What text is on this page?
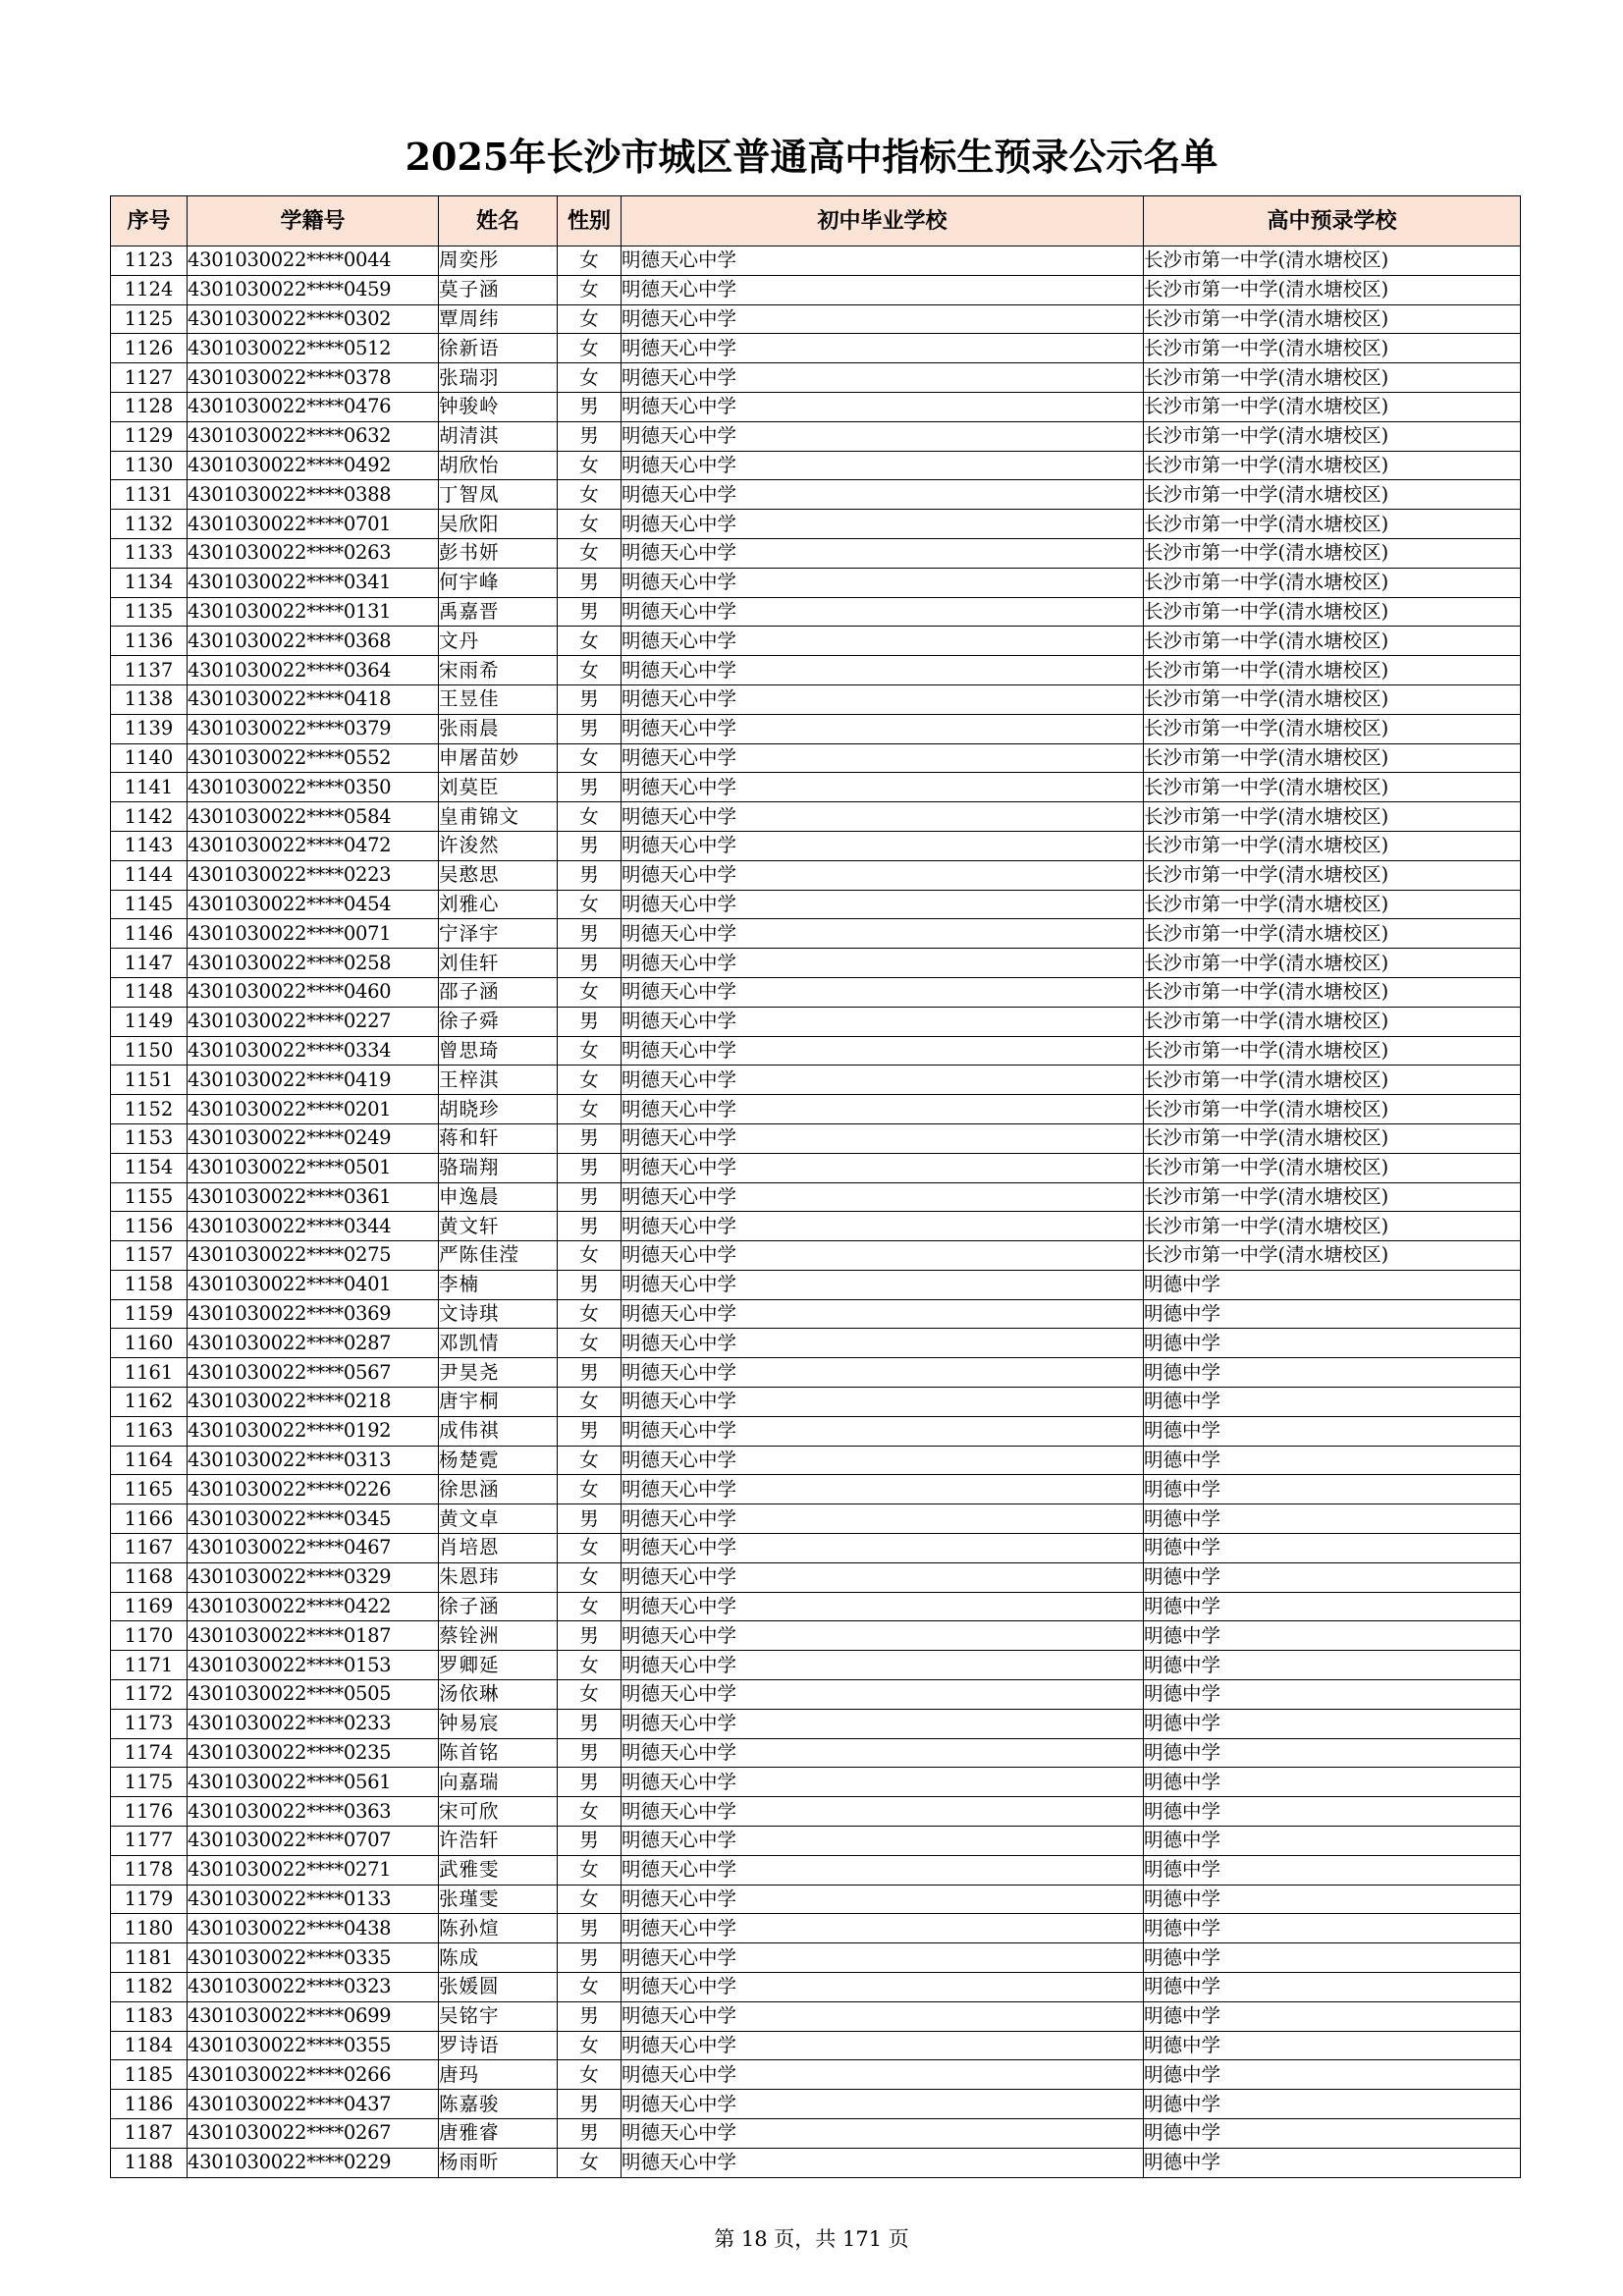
2025年长沙市城区普通高中指标生预录公示名单
序号	学籍号	姓名	性别	初中毕业学校	高中预录学校
1123	4301030022****0044	周奕彤	女	明德天心中学	长沙市第一中学(清水塘校区)
1124	4301030022****0459	莫子涵	女	明德天心中学	长沙市第一中学(清水塘校区)
1125	4301030022****0302	覃周纬	女	明德天心中学	长沙市第一中学(清水塘校区)
1126	4301030022****0512	徐新语	女	明德天心中学	长沙市第一中学(清水塘校区)
1127	4301030022****0378	张瑞羽	女	明德天心中学	长沙市第一中学(清水塘校区)
1128	4301030022****0476	钟骏岭	男	明德天心中学	长沙市第一中学(清水塘校区)
1129	4301030022****0632	胡清淇	男	明德天心中学	长沙市第一中学(清水塘校区)
1130	4301030022****0492	胡欣怡	女	明德天心中学	长沙市第一中学(清水塘校区)
1131	4301030022****0388	丁智凤	女	明德天心中学	长沙市第一中学(清水塘校区)
1132	4301030022****0701	吴欣阳	女	明德天心中学	长沙市第一中学(清水塘校区)
1133	4301030022****0263	彭书妍	女	明德天心中学	长沙市第一中学(清水塘校区)
1134	4301030022****0341	何宇峰	男	明德天心中学	长沙市第一中学(清水塘校区)
1135	4301030022****0131	禹嘉晋	男	明德天心中学	长沙市第一中学(清水塘校区)
1136	4301030022****0368	文丹	女	明德天心中学	长沙市第一中学(清水塘校区)
1137	4301030022****0364	宋雨希	女	明德天心中学	长沙市第一中学(清水塘校区)
1138	4301030022****0418	王昱佳	男	明德天心中学	长沙市第一中学(清水塘校区)
1139	4301030022****0379	张雨晨	男	明德天心中学	长沙市第一中学(清水塘校区)
1140	4301030022****0552	申屠苗妙	女	明德天心中学	长沙市第一中学(清水塘校区)
1141	4301030022****0350	刘莫臣	男	明德天心中学	长沙市第一中学(清水塘校区)
1142	4301030022****0584	皇甫锦文	女	明德天心中学	长沙市第一中学(清水塘校区)
1143	4301030022****0472	许浚然	男	明德天心中学	长沙市第一中学(清水塘校区)
1144	4301030022****0223	吴憨思	男	明德天心中学	长沙市第一中学(清水塘校区)
1145	4301030022****0454	刘雅心	女	明德天心中学	长沙市第一中学(清水塘校区)
1146	4301030022****0071	宁泽宇	男	明德天心中学	长沙市第一中学(清水塘校区)
1147	4301030022****0258	刘佳轩	男	明德天心中学	长沙市第一中学(清水塘校区)
1148	4301030022****0460	邵子涵	女	明德天心中学	长沙市第一中学(清水塘校区)
1149	4301030022****0227	徐子舜	男	明德天心中学	长沙市第一中学(清水塘校区)
1150	4301030022****0334	曾思琦	女	明德天心中学	长沙市第一中学(清水塘校区)
1151	4301030022****0419	王梓淇	女	明德天心中学	长沙市第一中学(清水塘校区)
1152	4301030022****0201	胡晓珍	女	明德天心中学	长沙市第一中学(清水塘校区)
1153	4301030022****0249	蒋和轩	男	明德天心中学	长沙市第一中学(清水塘校区)
1154	4301030022****0501	骆瑞翔	男	明德天心中学	长沙市第一中学(清水塘校区)
1155	4301030022****0361	申逸晨	男	明德天心中学	长沙市第一中学(清水塘校区)
1156	4301030022****0344	黄文轩	男	明德天心中学	长沙市第一中学(清水塘校区)
1157	4301030022****0275	严陈佳滢	女	明德天心中学	长沙市第一中学(清水塘校区)
1158	4301030022****0401	李楠	男	明德天心中学	明德中学
1159	4301030022****0369	文诗琪	女	明德天心中学	明德中学
1160	4301030022****0287	邓凯情	女	明德天心中学	明德中学
1161	4301030022****0567	尹昊尧	男	明德天心中学	明德中学
1162	4301030022****0218	唐宇桐	女	明德天心中学	明德中学
1163	4301030022****0192	成伟祺	男	明德天心中学	明德中学
1164	4301030022****0313	杨楚霓	女	明德天心中学	明德中学
1165	4301030022****0226	徐思涵	女	明德天心中学	明德中学
1166	4301030022****0345	黄文卓	男	明德天心中学	明德中学
1167	4301030022****0467	肖培恩	女	明德天心中学	明德中学
1168	4301030022****0329	朱恩玮	女	明德天心中学	明德中学
1169	4301030022****0422	徐子涵	女	明德天心中学	明德中学
1170	4301030022****0187	蔡铨洲	男	明德天心中学	明德中学
1171	4301030022****0153	罗卿延	女	明德天心中学	明德中学
1172	4301030022****0505	汤依琳	女	明德天心中学	明德中学
1173	4301030022****0233	钟易宸	男	明德天心中学	明德中学
1174	4301030022****0235	陈首铭	男	明德天心中学	明德中学
1175	4301030022****0561	向嘉瑞	男	明德天心中学	明德中学
1176	4301030022****0363	宋可欣	女	明德天心中学	明德中学
1177	4301030022****0707	许浩轩	男	明德天心中学	明德中学
1178	4301030022****0271	武雅雯	女	明德天心中学	明德中学
1179	4301030022****0133	张瑾雯	女	明德天心中学	明德中学
1180	4301030022****0438	陈孙煊	男	明德天心中学	明德中学
1181	4301030022****0335	陈成	男	明德天心中学	明德中学
1182	4301030022****0323	张媛圆	女	明德天心中学	明德中学
1183	4301030022****0699	吴铭宇	男	明德天心中学	明德中学
1184	4301030022****0355	罗诗语	女	明德天心中学	明德中学
1185	4301030022****0266	唐玛	女	明德天心中学	明德中学
1186	4301030022****0437	陈嘉骏	男	明德天心中学	明德中学
1187	4301030022****0267	唐雅睿	男	明德天心中学	明德中学
1188	4301030022****0229	杨雨昕	女	明德天心中学	明德中学
第 18 页，共 171 页
